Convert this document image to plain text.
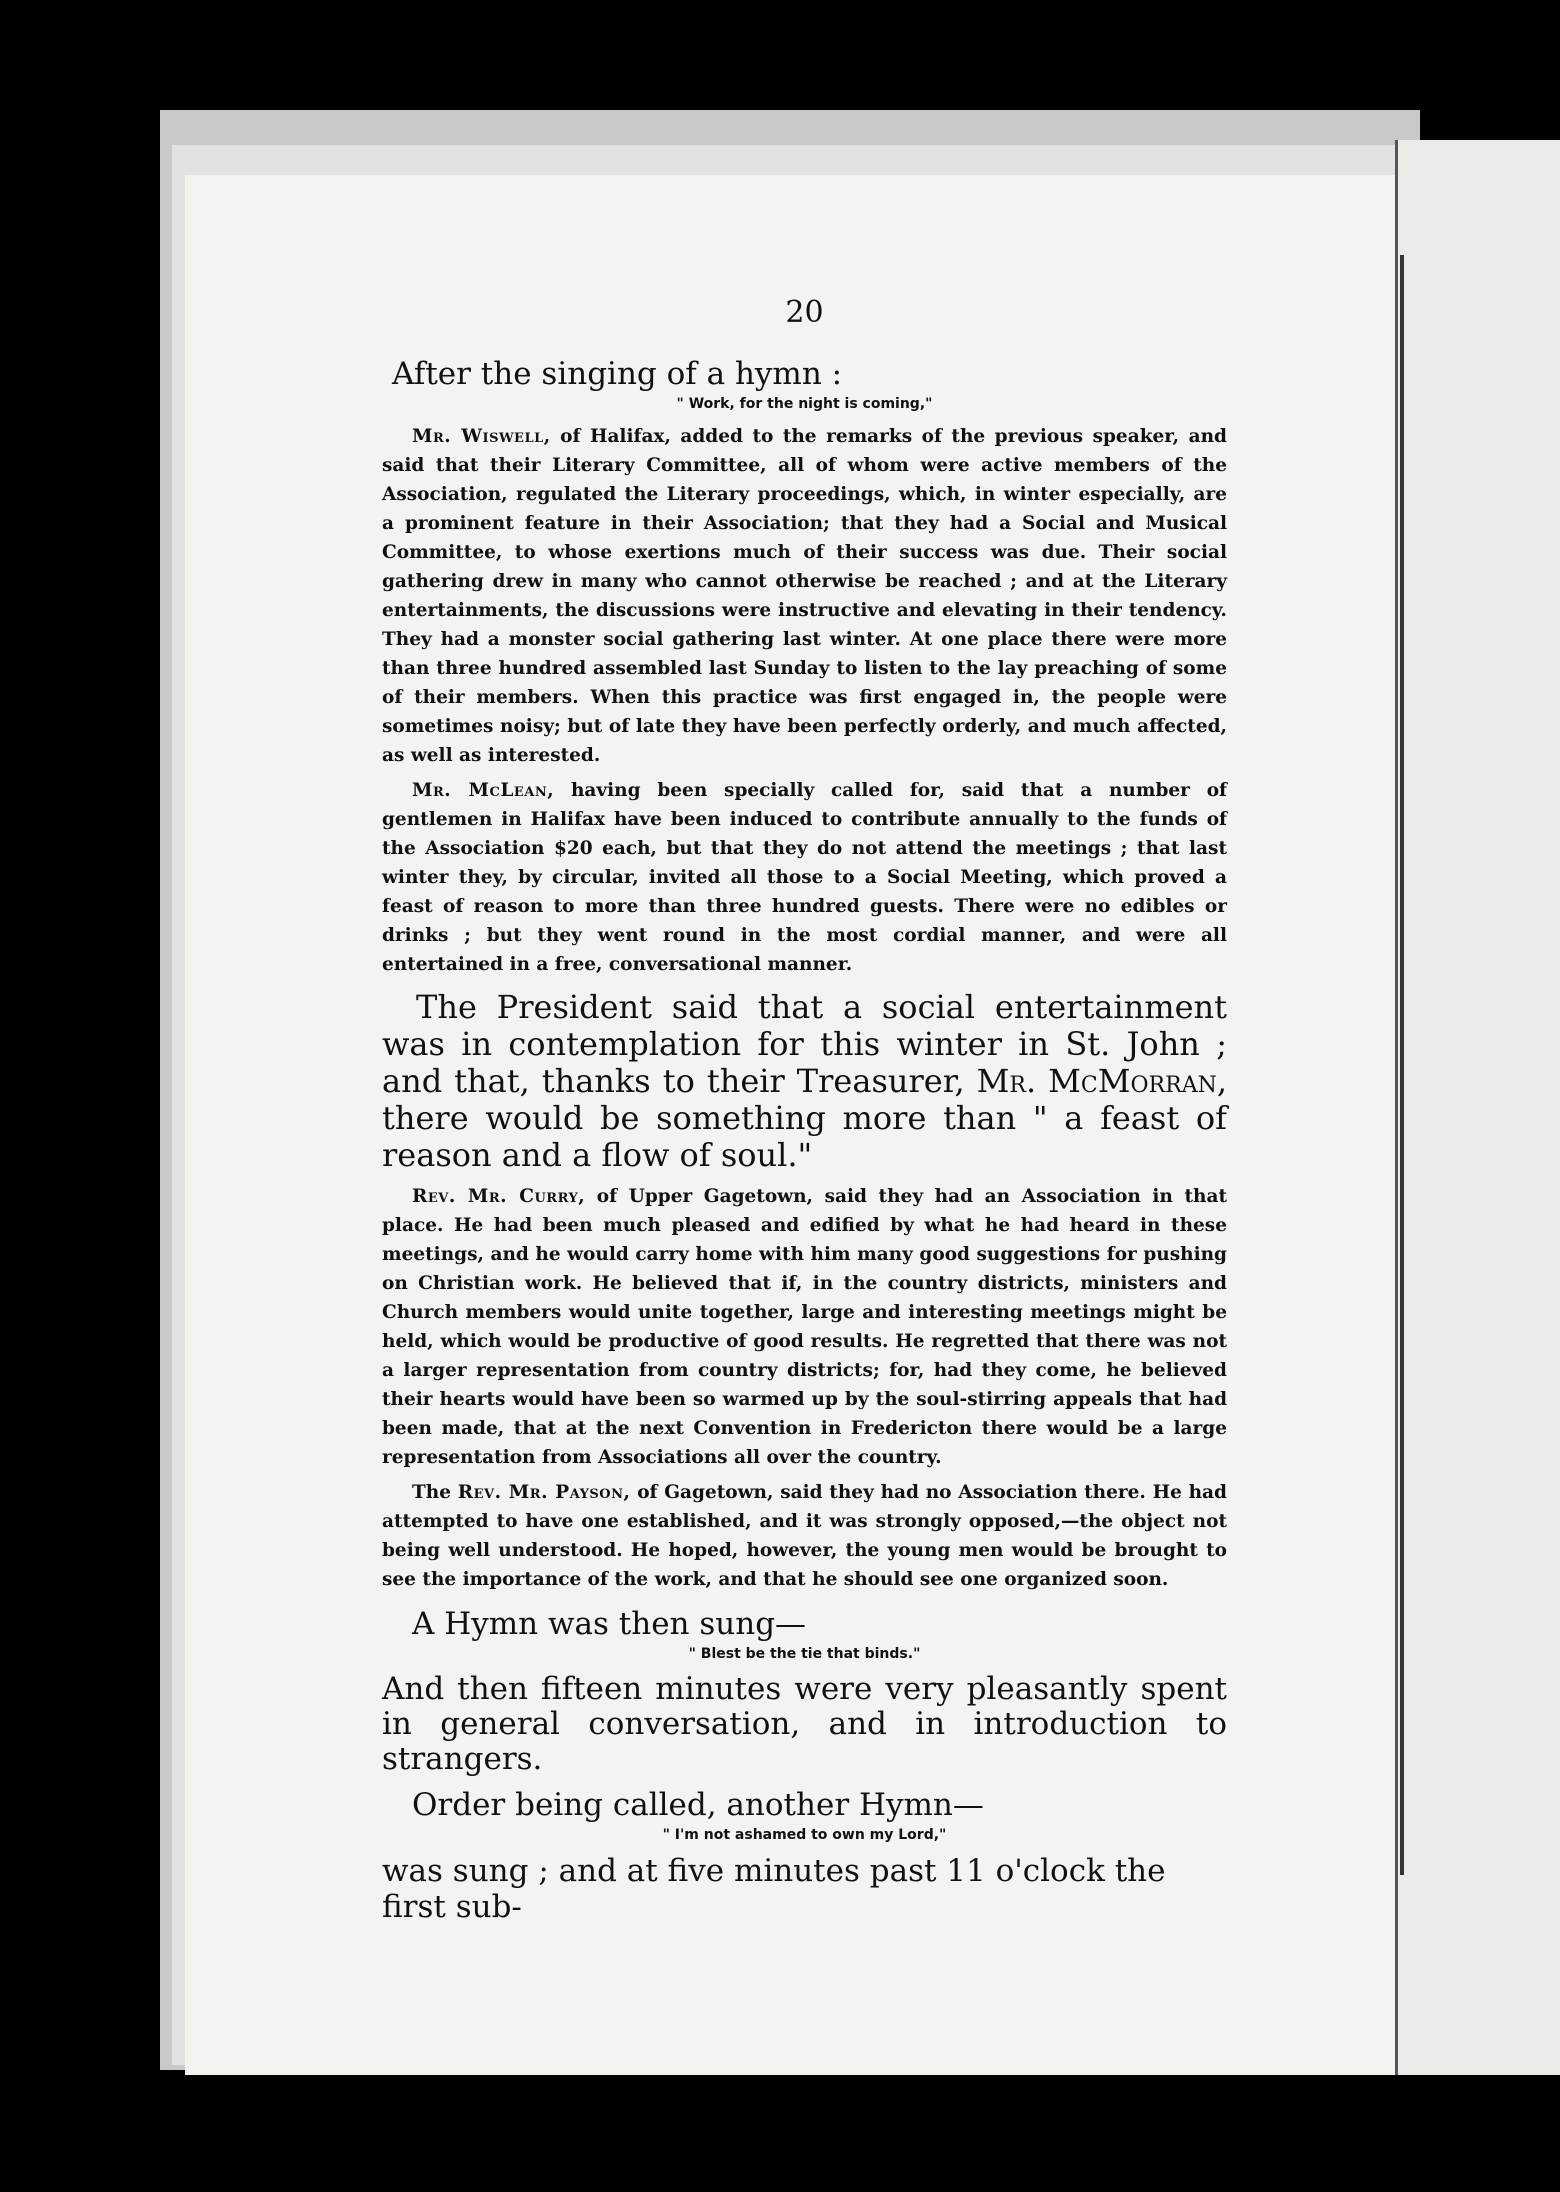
20
After the singing of a hymn :
" Work, for the night is coming,"

Mr. Wiswell, of Halifax, added to the remarks of the previous speaker, and said that their Literary Committee, all of whom were active members of the Association, regulated the Literary proceedings, which, in winter especially, are a prominent feature in their Association; that they had a Social and Musical Committee, to whose exertions much of their success was due. Their social gathering drew in many who cannot otherwise be reached ; and at the Literary entertainments, the discussions were instructive and elevating in their tendency. They had a monster social gathering last winter. At one place there were more than three hundred assembled last Sunday to listen to the lay preaching of some of their members. When this practice was first engaged in, the people were sometimes noisy; but of late they have been perfectly orderly, and much affected, as well as interested.

Mr. McLean, having been specially called for, said that a number of gentlemen in Halifax have been induced to contribute annually to the funds of the Association $20 each, but that they do not attend the meetings ; that last winter they, by circular, invited all those to a Social Meeting, which proved a feast of reason to more than three hundred guests. There were no edibles or drinks ; but they went round in the most cordial manner, and were all entertained in a free, conversational manner.

The President said that a social entertainment was in contemplation for this winter in St. John ; and that, thanks to their Treasurer, Mr. McMorran, there would be something more than " a feast of reason and a flow of soul."

Rev. Mr. Curry, of Upper Gagetown, said they had an Association in that place. He had been much pleased and edified by what he had heard in these meetings, and he would carry home with him many good suggestions for pushing on Christian work. He believed that if, in the country districts, ministers and Church members would unite together, large and interesting meetings might be held, which would be productive of good results. He regretted that there was not a larger representation from country districts; for, had they come, he believed their hearts would have been so warmed up by the soul-stirring appeals that had been made, that at the next Convention in Fredericton there would be a large representation from Associations all over the country.

The Rev. Mr. Payson, of Gagetown, said they had no Association there. He had attempted to have one established, and it was strongly opposed,—the object not being well understood. He hoped, however, the young men would be brought to see the importance of the work, and that he should see one organized soon.

A Hymn was then sung—
" Blest be the tie that binds."
And then fifteen minutes were very pleasantly spent in general conversation, and in introduction to strangers.
Order being called, another Hymn—
" I'm not ashamed to own my Lord,"
was sung ; and at five minutes past 11 o'clock the first sub-
